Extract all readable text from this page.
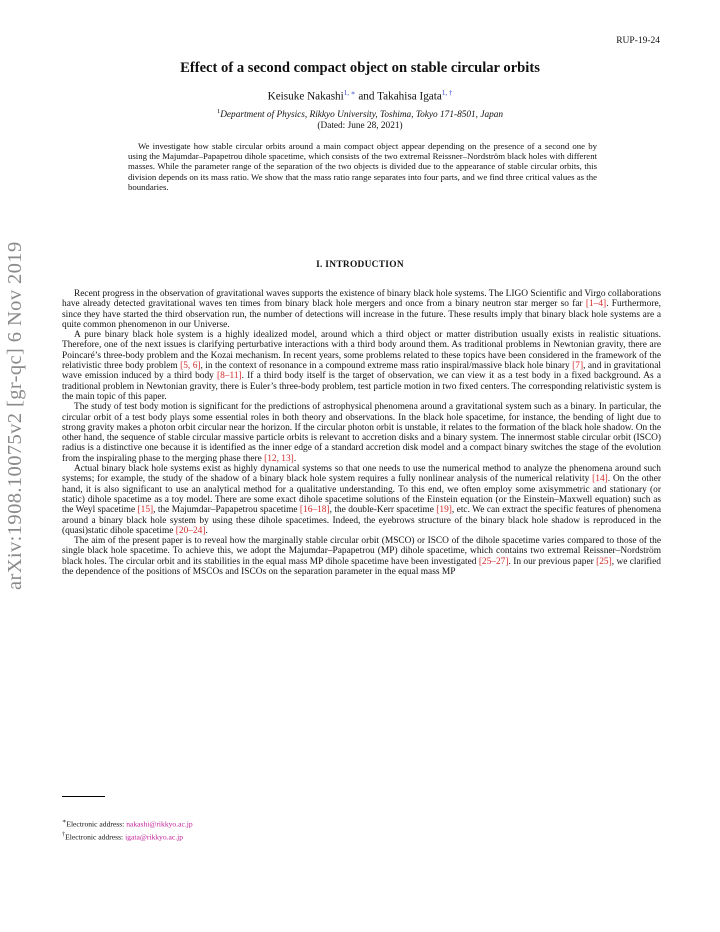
RUP-19-24
arXiv:1908.10075v2 [gr-qc] 6 Nov 2019
Effect of a second compact object on stable circular orbits
Keisuke Nakashi$^{1, ∗}$ and Takahisa Igata$^{1, \dagger}$
$^1$Department of Physics, Rikkyo University, Toshima, Tokyo 171-8501, Japan
(Dated: June 28, 2021)

We investigate how stable circular orbits around a main compact object appear depending on the presence of a second one by using the Majumdar–Papapetrou dihole spacetime, which consists of the two extremal Reissner–Nordström black holes with different masses. While the parameter range of the separation of the two objects is divided due to the appearance of stable circular orbits, this division depends on its mass ratio. We show that the mass ratio range separates into four parts, and we find three critical values as the boundaries.

I. INTRODUCTION

Recent progress in the observation of gravitational waves supports the existence of binary black hole systems. The LIGO Scientific and Virgo collaborations have already detected gravitational waves ten times from binary black hole mergers and once from a binary neutron star merger so far [1–4]. Furthermore, since they have started the third observation run, the number of detections will increase in the future. These results imply that binary black hole systems are a quite common phenomenon in our Universe.

A pure binary black hole system is a highly idealized model, around which a third object or matter distribution usually exists in realistic situations. Therefore, one of the next issues is clarifying perturbative interactions with a third body around them. As traditional problems in Newtonian gravity, there are Poincaré’s three-body problem and the Kozai mechanism. In recent years, some problems related to these topics have been considered in the framework of the relativistic three body problem [5, 6], in the context of resonance in a compound extreme mass ratio inspiral/massive black hole binary [7], and in gravitational wave emission induced by a third body [8–11]. If a third body itself is the target of observation, we can view it as a test body in a fixed background. As a traditional problem in Newtonian gravity, there is Euler’s three-body problem, test particle motion in two fixed centers. The corresponding relativistic system is the main topic of this paper.

The study of test body motion is significant for the predictions of astrophysical phenomena around a gravitational system such as a binary. In particular, the circular orbit of a test body plays some essential roles in both theory and observations. In the black hole spacetime, for instance, the bending of light due to strong gravity makes a photon orbit circular near the horizon. If the circular photon orbit is unstable, it relates to the formation of the black hole shadow. On the other hand, the sequence of stable circular massive particle orbits is relevant to accretion disks and a binary system. The innermost stable circular orbit (ISCO) radius is a distinctive one because it is identified as the inner edge of a standard accretion disk model and a compact binary switches the stage of the evolution from the inspiraling phase to the merging phase there [12, 13].

Actual binary black hole systems exist as highly dynamical systems so that one needs to use the numerical method to analyze the phenomena around such systems; for example, the study of the shadow of a binary black hole system requires a fully nonlinear analysis of the numerical relativity [14]. On the other hand, it is also significant to use an analytical method for a qualitative understanding. To this end, we often employ some axisymmetric and stationary (or static) dihole spacetime as a toy model. There are some exact dihole spacetime solutions of the Einstein equation (or the Einstein–Maxwell equation) such as the Weyl spacetime [15], the Majumdar–Papapetrou spacetime [16–18], the double-Kerr spacetime [19], etc. We can extract the specific features of phenomena around a binary black hole system by using these dihole spacetimes. Indeed, the eyebrows structure of the binary black hole shadow is reproduced in the (quasi)static dihole spacetime [20–24].

The aim of the present paper is to reveal how the marginally stable circular orbit (MSCO) or ISCO of the dihole spacetime varies compared to those of the single black hole spacetime. To achieve this, we adopt the Majumdar–Papapetrou (MP) dihole spacetime, which contains two extremal Reissner–Nordström black holes. The circular orbit and its stabilities in the equal mass MP dihole spacetime have been investigated [25–27]. In our previous paper [25], we clarified the dependence of the positions of MSCOs and ISCOs on the separation parameter in the equal mass MP

∗Electronic address: nakashi@rikkyo.ac.jp
†Electronic address: igata@rikkyo.ac.jp
